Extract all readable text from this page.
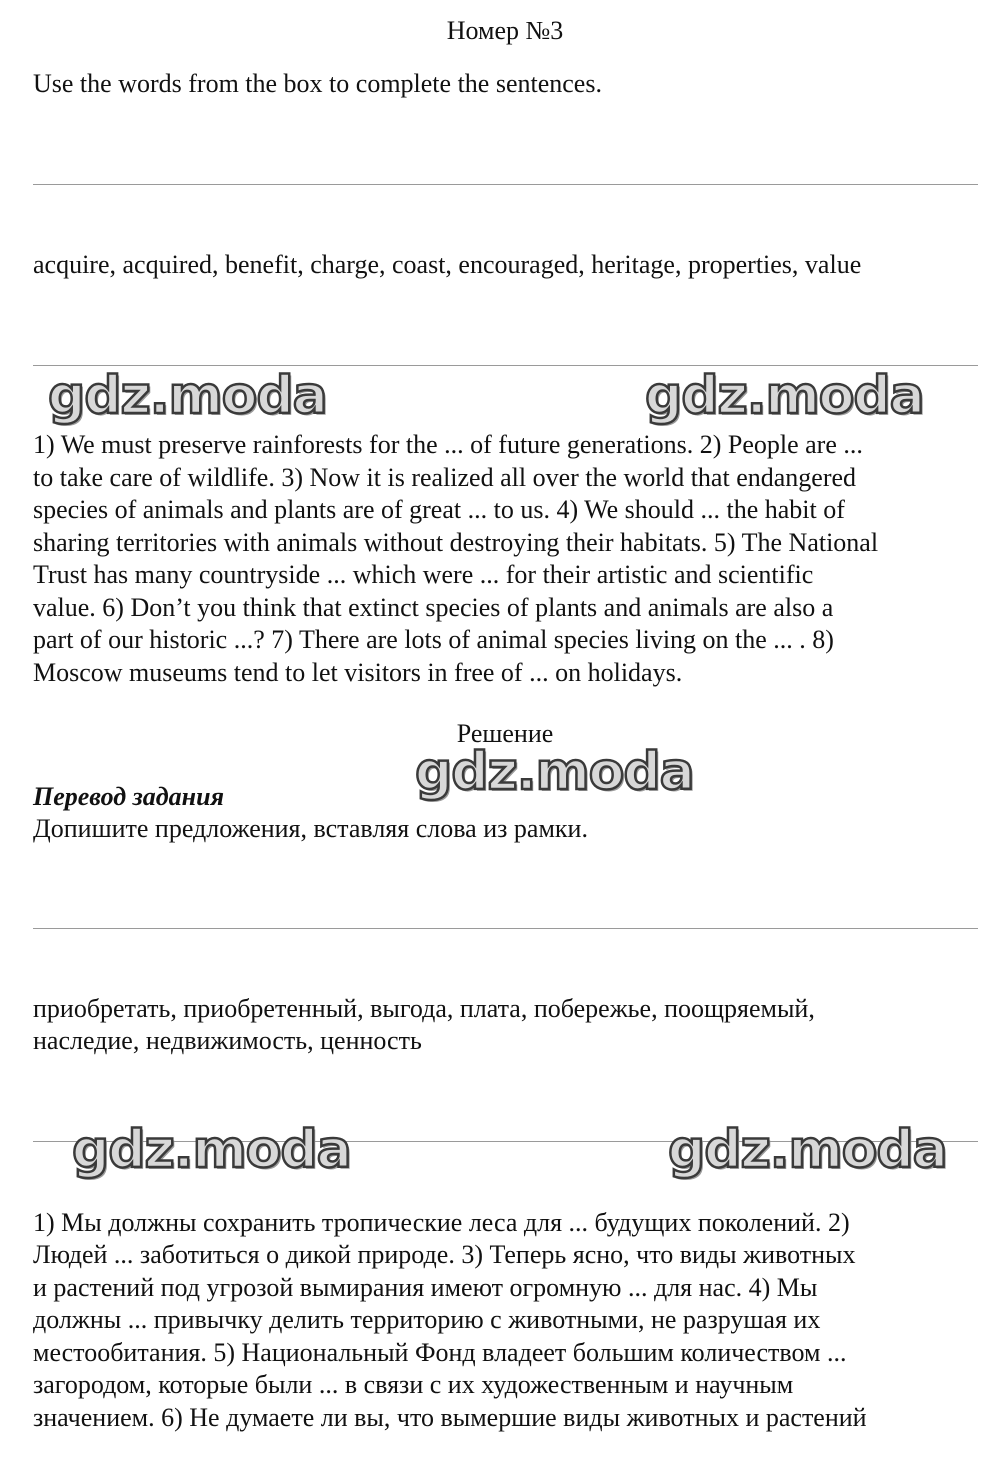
Номер №3
Use the words from the box to complete the sentences.
acquire, acquired, benefit, charge, coast, encouraged, heritage, properties, value
gdz.moda	gdz.moda
1) We must preserve rainforests for the ... of future generations. 2) People are ...
to take care of wildlife. 3) Now it is realized all over the world that endangered
species of animals and plants are of great ... to us. 4) We should ... the habit of
sharing territories with animals without destroying their habitats. 5) The National
Trust has many countryside ... which were ... for their artistic and scientific
value. 6) Don’t you think that extinct species of plants and animals are also a
part of our historic ...? 7) There are lots of animal species living on the ... . 8)
Moscow museums tend to let visitors in free of ... on holidays.
Решение
gdz.moda
Перевод задания
Допишите предложения, вставляя слова из рамки.
приобретать, приобретенный, выгода, плата, побережье, поощряемый,
наследие, недвижимость, ценность
gdz.moda	gdz.moda
1) Мы должны сохранить тропические леса для ... будущих поколений. 2)
Людей ... заботиться о дикой природе. 3) Теперь ясно, что виды животных
и растений под угрозой вымирания имеют огромную ... для нас. 4) Мы
должны ... привычку делить территорию с животными, не разрушая их
местообитания. 5) Национальный Фонд владеет большим количеством ...
загородом, которые были ... в связи с их художественным и научным
значением. 6) Не думаете ли вы, что вымершие виды животных и растений
